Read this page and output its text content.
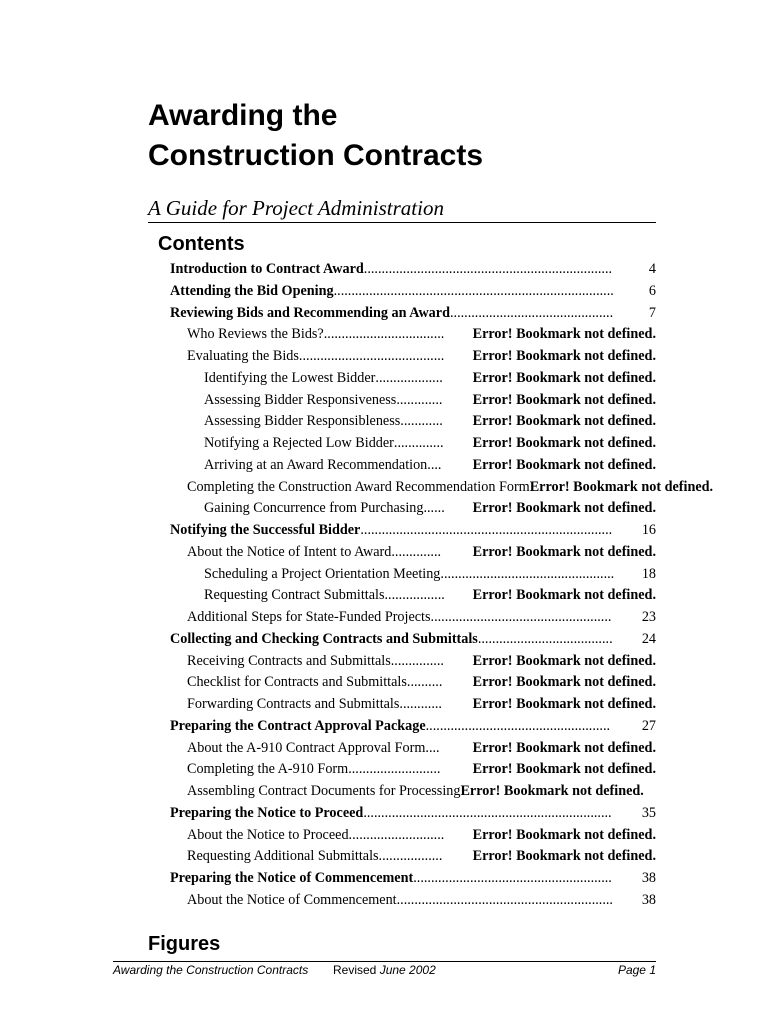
Awarding the
Construction Contracts

A Guide for Project Administration

Contents
Introduction to Contract Award ......................................................................	4
Attending the Bid Opening ...............................................................................	6
Reviewing Bids and Recommending an Award ..............................................	7
Who Reviews the Bids? ..................................	Error! Bookmark not defined.
Evaluating the Bids .........................................	Error! Bookmark not defined.
Identifying the Lowest Bidder ...................	Error! Bookmark not defined.
Assessing Bidder Responsiveness .............	Error! Bookmark not defined.
Assessing Bidder Responsibleness ............	Error! Bookmark not defined.
Notifying a Rejected Low Bidder ..............	Error! Bookmark not defined.
Arriving at an Award Recommendation ....	Error! Bookmark not defined.
Completing the Construction Award Recommendation Form Error! Bookmark not defined.
Gaining Concurrence from Purchasing ......	Error! Bookmark not defined.
Notifying the Successful Bidder .......................................................................	16
About the Notice of Intent to Award ..............	Error! Bookmark not defined.
Scheduling a Project Orientation Meeting .................................................	18
Requesting Contract Submittals .................	Error! Bookmark not defined.
Additional Steps for State-Funded Projects ...................................................	23
Collecting and Checking Contracts and Submittals ......................................	24
Receiving Contracts and Submittals ...............	Error! Bookmark not defined.
Checklist for Contracts and Submittals ..........	Error! Bookmark not defined.
Forwarding Contracts and Submittals ............	Error! Bookmark not defined.
Preparing the Contract Approval Package ....................................................	27
About the A-910 Contract Approval Form ....	Error! Bookmark not defined.
Completing the A-910 Form ..........................	Error! Bookmark not defined.
Assembling Contract Documents for Processing Error! Bookmark not defined.
Preparing the Notice to Proceed ......................................................................	35
About the Notice to Proceed ...........................	Error! Bookmark not defined.
Requesting Additional Submittals ..................	Error! Bookmark not defined.
Preparing the Notice of Commencement ........................................................	38
About the Notice of Commencement .............................................................	38
Figures
Awarding the Construction Contracts Revised June 2002	Page 1
